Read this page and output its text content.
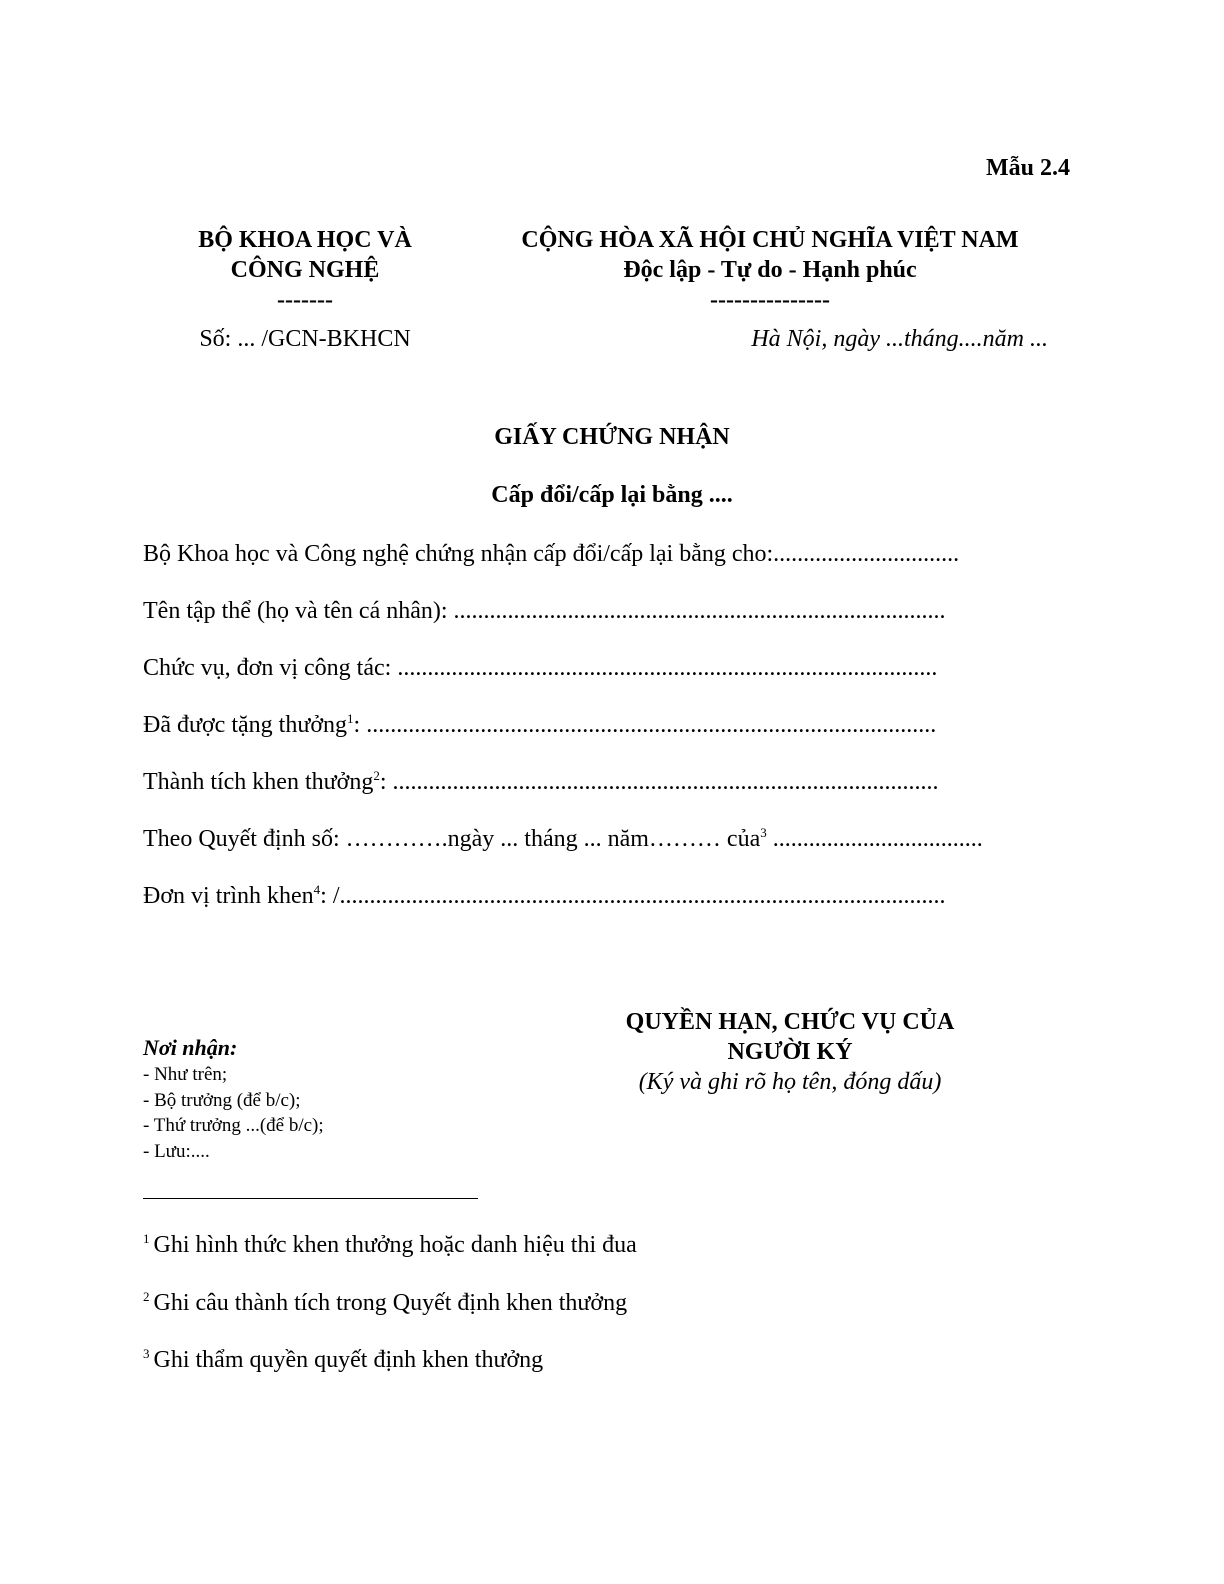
Mẫu 2.4
BỘ KHOA HỌC VÀ
CÔNG NGHỆ
-------
CỘNG HÒA XÃ HỘI CHỦ NGHĨA VIỆT NAM
Độc lập - Tự do - Hạnh phúc
---------------
Số: ... /GCN-BKHCN	Hà Nội, ngày ...tháng....năm ...
GIẤY CHỨNG NHẬN
Cấp đổi/cấp lại bằng ....
Bộ Khoa học và Công nghệ chứng nhận cấp đổi/cấp lại bằng cho:...............................
Tên tập thể (họ và tên cá nhân): ..................................................................................
Chức vụ, đơn vị công tác: ..........................................................................................
Đã được tặng thưởng$^1$: ...............................................................................................
Thành tích khen thưởng$^2$: ...........................................................................................
Theo Quyết định số: ………….ngày ... tháng ... năm……… của$^3$ ...................................
Đơn vị trình khen$^4$: /.....................................................................................................
QUYỀN HẠN, CHỨC VỤ CỦA
NGƯỜI KÝ
(Ký và ghi rõ họ tên, đóng dấu)
Nơi nhận:
- Như trên;
- Bộ trưởng (để b/c);
- Thứ trưởng ...(để b/c);
- Lưu:....
$^1$ Ghi hình thức khen thưởng hoặc danh hiệu thi đua
$^2$ Ghi câu thành tích trong Quyết định khen thưởng
$^3$ Ghi thẩm quyền quyết định khen thưởng
